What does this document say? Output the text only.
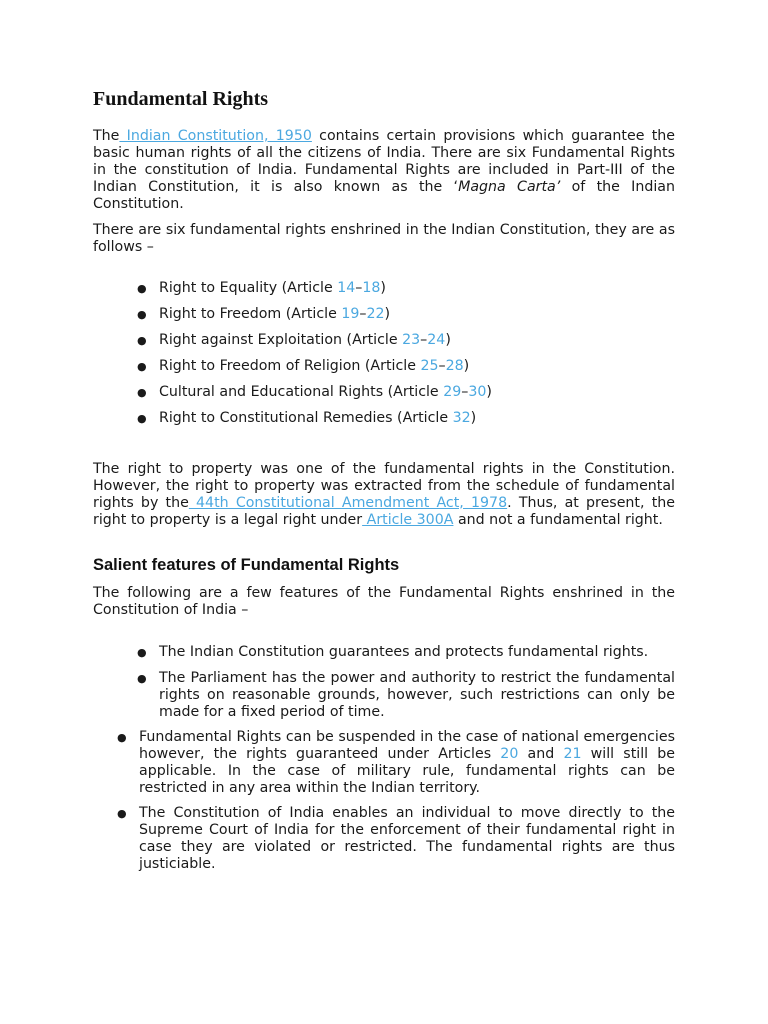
Fundamental Rights

The Indian Constitution, 1950 contains certain provisions which guarantee the basic human rights of all the citizens of India. There are six Fundamental Rights in the constitution of India. Fundamental Rights are included in Part-III of the Indian Constitution, it is also known as the ‘Magna Carta’ of the Indian Constitution.

There are six fundamental rights enshrined in the Indian Constitution, they are as follows –

● Right to Equality (Article 14–18)
● Right to Freedom (Article 19–22)
● Right against Exploitation (Article 23–24)
● Right to Freedom of Religion (Article 25–28)
● Cultural and Educational Rights (Article 29–30)
● Right to Constitutional Remedies (Article 32)

The right to property was one of the fundamental rights in the Constitution. However, the right to property was extracted from the schedule of fundamental rights by the 44th Constitutional Amendment Act, 1978. Thus, at present, the right to property is a legal right under Article 300A and not a fundamental right.

Salient features of Fundamental Rights

The following are a few features of the Fundamental Rights enshrined in the Constitution of India –

● The Indian Constitution guarantees and protects fundamental rights.
● The Parliament has the power and authority to restrict the fundamental rights on reasonable grounds, however, such restrictions can only be made for a fixed period of time.
● Fundamental Rights can be suspended in the case of national emergencies however, the rights guaranteed under Articles 20 and 21 will still be applicable. In the case of military rule, fundamental rights can be restricted in any area within the Indian territory.
● The Constitution of India enables an individual to move directly to the Supreme Court of India for the enforcement of their fundamental right in case they are violated or restricted. The fundamental rights are thus justiciable.
